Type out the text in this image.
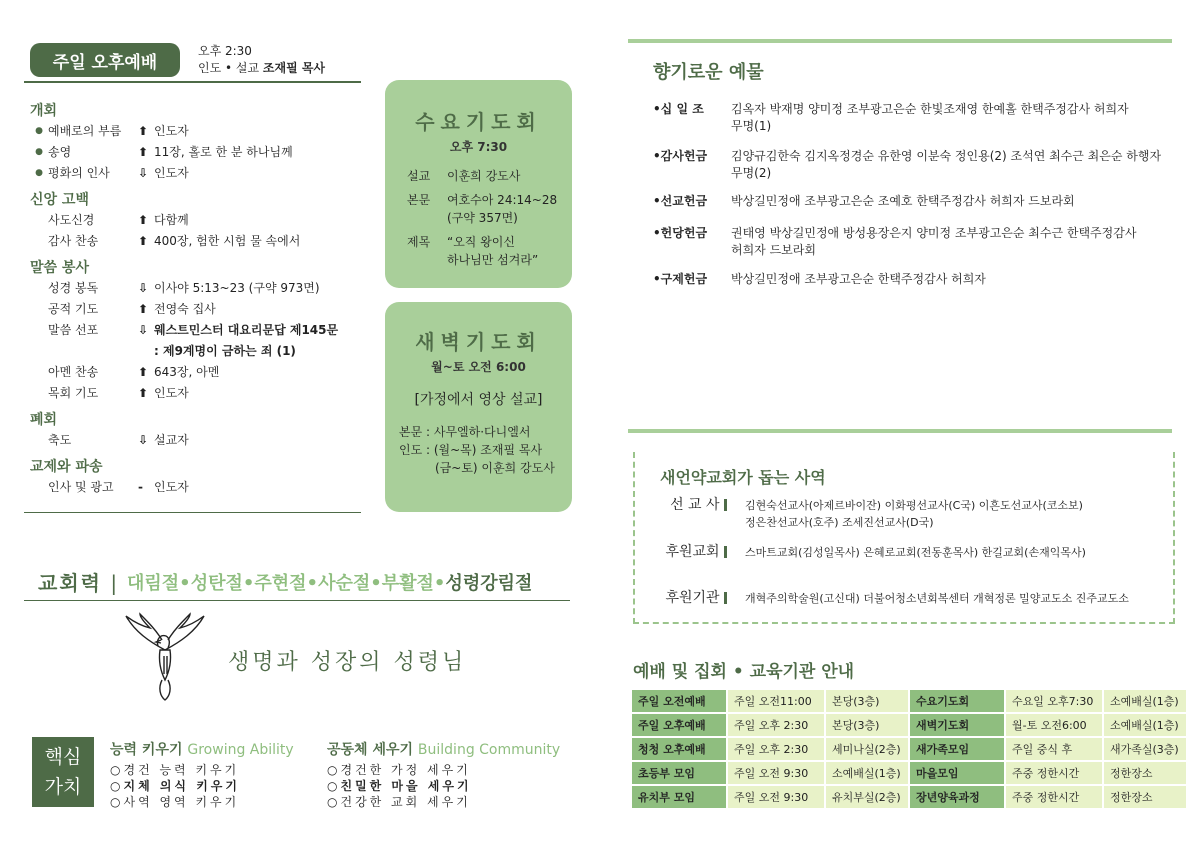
주일 오후예배
오후 2:30
인도 • 설교 조재필 목사
개회
● 예배로의 부름	⬆ 인도자
● 송영	⬆ 11장, 홀로 한 분 하나님께
● 평화의 인사	⇩ 인도자
신앙 고백
사도신경	⬆ 다함께
감사 찬송	⬆ 400장, 험한 시험 물 속에서
말씀 봉사
성경 봉독	⇩ 이사야 5:13~23 (구약 973면)
공적 기도	⬆ 전영숙 집사
말씀 선포	⇩ 웨스트민스터 대요리문답 제145문
: 제9계명이 금하는 죄 (1)
아멘 찬송	⬆ 643장, 아멘
목회 기도	⬆ 인도자
폐회
축도	⇩ 설교자
교제와 파송
인사 및 광고	- 인도자
수요기도회
오후 7:30
설교	이훈희 강도사
본문	여호수아 24:14~28
(구약 357면)
제목	“오직 왕이신
하나님만 섬겨라”
새벽기도회
월~토 오전 6:00
[가정에서 영상 설교]
본문 : 사무엘하·다니엘서
인도 : (월~목) 조재필 목사
(금~토) 이훈희 강도사
향기로운 예물
•십 일 조	김옥자 박재명 양미정 조부광고은순 한빛조재영 한예홀 한택주정감사 허희자
무명(1)
•감사헌금	김양규김한숙 김지옥정경순 유한영 이분숙 정인용(2) 조석연 최수근 최은순 하행자
무명(2)
•선교헌금	박상길민정애 조부광고은순 조예호 한택주정감사 허희자 드보라회
•헌당헌금	권태영 박상길민정애 방성용장은지 양미정 조부광고은순 최수근 한택주정감사
허희자 드보라회
•구제헌금	박상길민정애 조부광고은순 한택주정감사 허희자
새언약교회가 돕는 사역
선 교 사	김현숙선교사(아제르바이잔) 이화평선교사(C국) 이흔도선교사(코소보)
정은찬선교사(호주) 조세진선교사(D국)
후원교회	스마트교회(김성일목사) 은혜로교회(전동훈목사) 한길교회(손재익목사)
후원기관	개혁주의학술원(고신대) 더불어청소년회복센터 개혁정론 밀양교도소 진주교도소
예배 및 집회 • 교육기관 안내
주일 오전예배	주일 오전11:00	본당(3층)	수요기도회	수요일 오후7:30	소예배실(1층)
주일 오후예배	주일 오후 2:30	본당(3층)	새벽기도회	월-토 오전6:00	소예배실(1층)
청청 오후예배	주일 오후 2:30	세미나실(2층)	새가족모임	주일 중식 후	새가족실(3층)
초등부 모임	주일 오전 9:30	소예배실(1층)	마을모임	주중 정한시간	정한장소
유치부 모임	주일 오전 9:30	유치부실(2층)	장년양육과정	주중 정한시간	정한장소
교회력 | 대림절•성탄절•주현절•사순절•부활절•성령강림절
생명과 성장의 성령님
핵심
가치
능력 키우기 Growing Ability
○경건 능력 키우기
○지체 의식 키우기
○사역 영역 키우기
공동체 세우기 Building Community
○경건한 가정 세우기
○친밀한 마을 세우기
○건강한 교회 세우기
